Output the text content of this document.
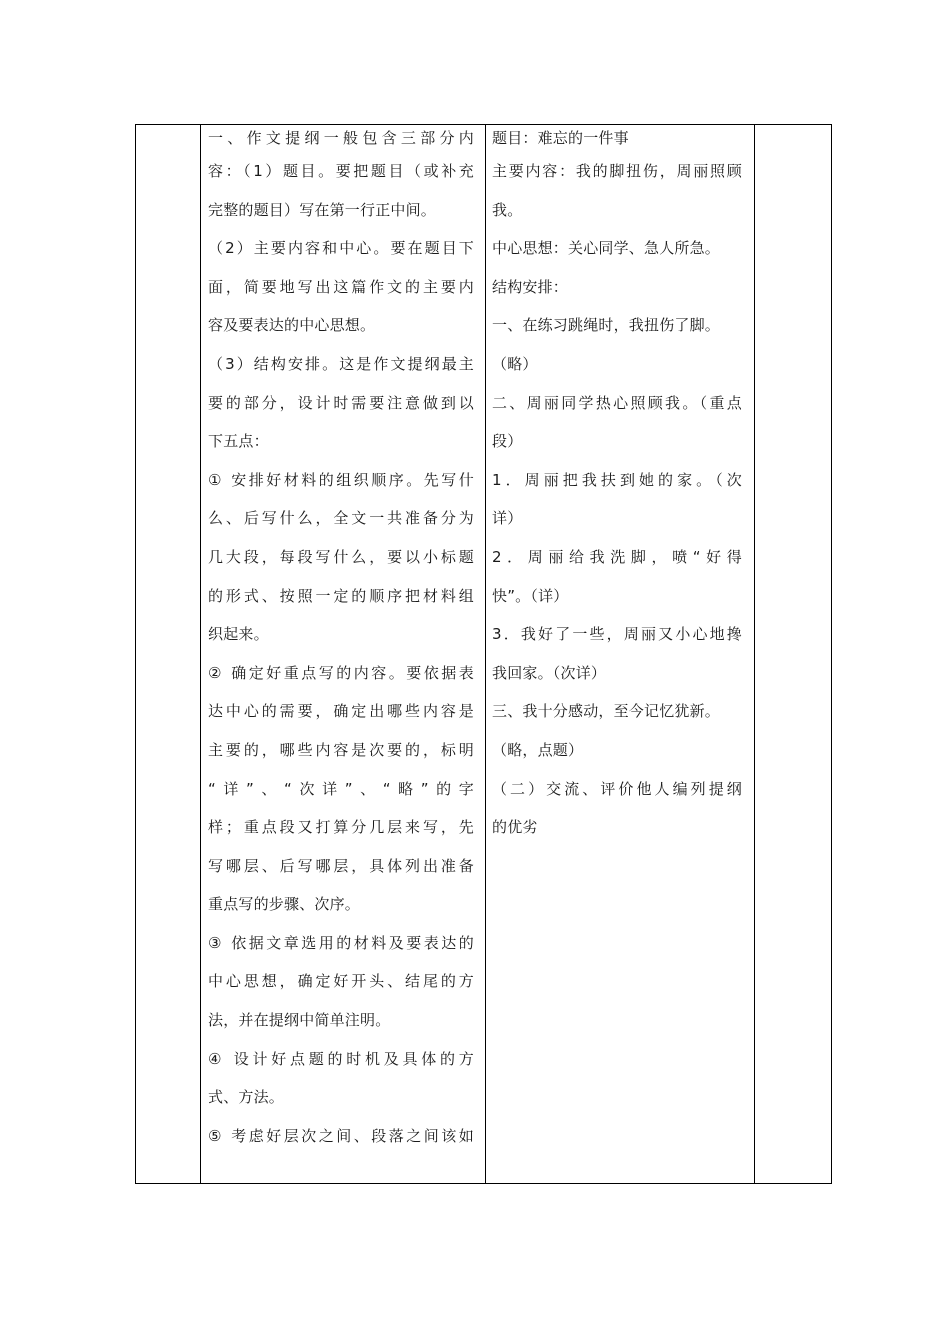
一、作文提纲一般包含三部分内
容：（1）题目。要把题目（或补充
完整的题目）写在第一行正中间。
（2）主要内容和中心。要在题目下
面，简要地写出这篇作文的主要内
容及要表达的中心思想。
（3）结构安排。这是作文提纲最主
要的部分，设计时需要注意做到以
下五点：
① 安排好材料的组织顺序。先写什
么、后写什么，全文一共准备分为
几大段，每段写什么，要以小标题
的形式、按照一定的顺序把材料组
织起来。
② 确定好重点写的内容。要依据表
达中心的需要，确定出哪些内容是
主要的，哪些内容是次要的，标明
“详”、“次详”、“略”的字
样；重点段又打算分几层来写，先
写哪层、后写哪层，具体列出准备
重点写的步骤、次序。
③ 依据文章选用的材料及要表达的
中心思想，确定好开头、结尾的方
法，并在提纲中简单注明。
④ 设计好点题的时机及具体的方
式、方法。
⑤ 考虑好层次之间、段落之间该如
题目：难忘的一件事
主要内容：我的脚扭伤，周丽照顾
我。
中心思想：关心同学、急人所急。
结构安排：
一、在练习跳绳时，我扭伤了脚。
（略）
二、周丽同学热心照顾我。（重点
段）
1．周丽把我扶到她的家。（次
详）
2．周丽给我洗脚，喷“好得
快”。（详）
3．我好了一些，周丽又小心地搀
我回家。（次详）
三、我十分感动，至今记忆犹新。
（略，点题）
（二）交流、评价他人编列提纲
的优劣
